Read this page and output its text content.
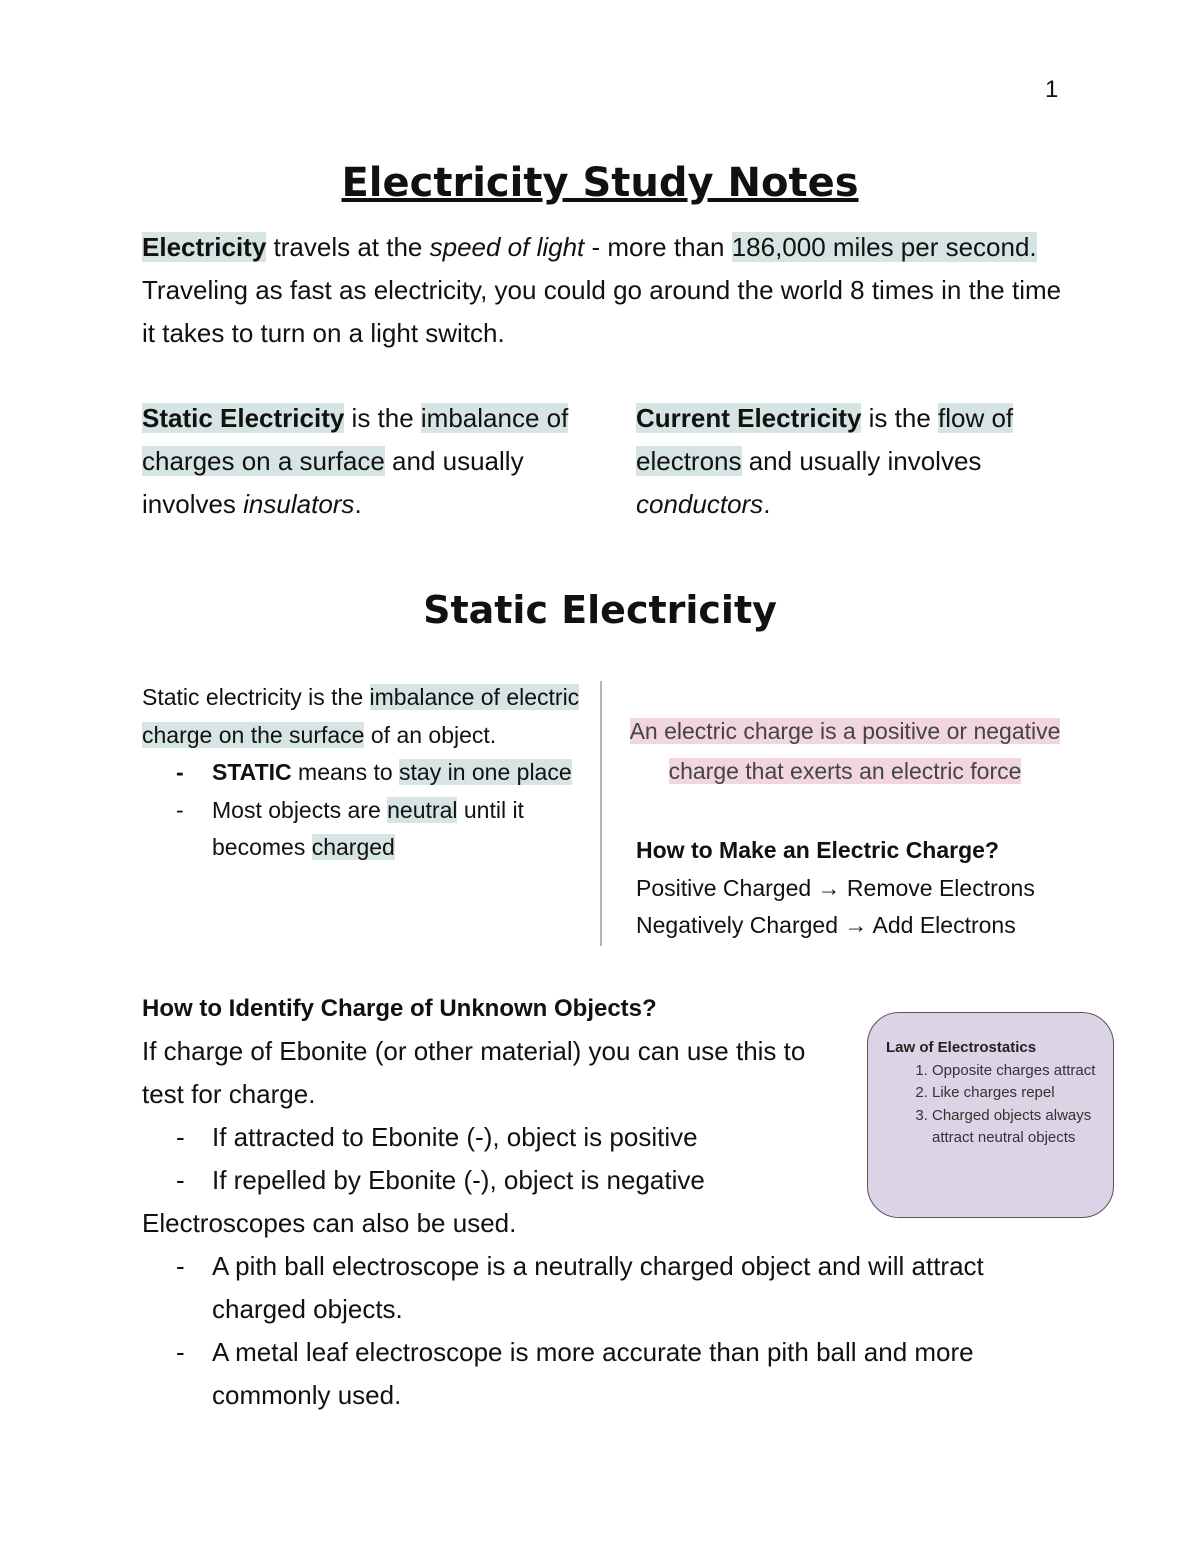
1
Electricity Study Notes
Electricity travels at the speed of light - more than 186,000 miles per second. Traveling as fast as electricity, you could go around the world 8 times in the time it takes to turn on a light switch.
Static Electricity is the imbalance of charges on a surface and usually involves insulators.
Current Electricity is the flow of electrons and usually involves conductors.
Static Electricity
Static electricity is the imbalance of electric charge on the surface of an object.
- STATIC means to stay in one place
- Most objects are neutral until it becomes charged
An electric charge is a positive or negative charge that exerts an electric force
How to Make an Electric Charge?
Positive Charged → Remove Electrons
Negatively Charged → Add Electrons
How to Identify Charge of Unknown Objects?
If charge of Ebonite (or other material) you can use this to test for charge.
- If attracted to Ebonite (-), object is positive
- If repelled by Ebonite (-), object is negative
Electroscopes can also be used.
- A pith ball electroscope is a neutrally charged object and will attract charged objects.
- A metal leaf electroscope is more accurate than pith ball and more commonly used.
Law of Electrostatics
1. Opposite charges attract
2. Like charges repel
3. Charged objects always attract neutral objects
